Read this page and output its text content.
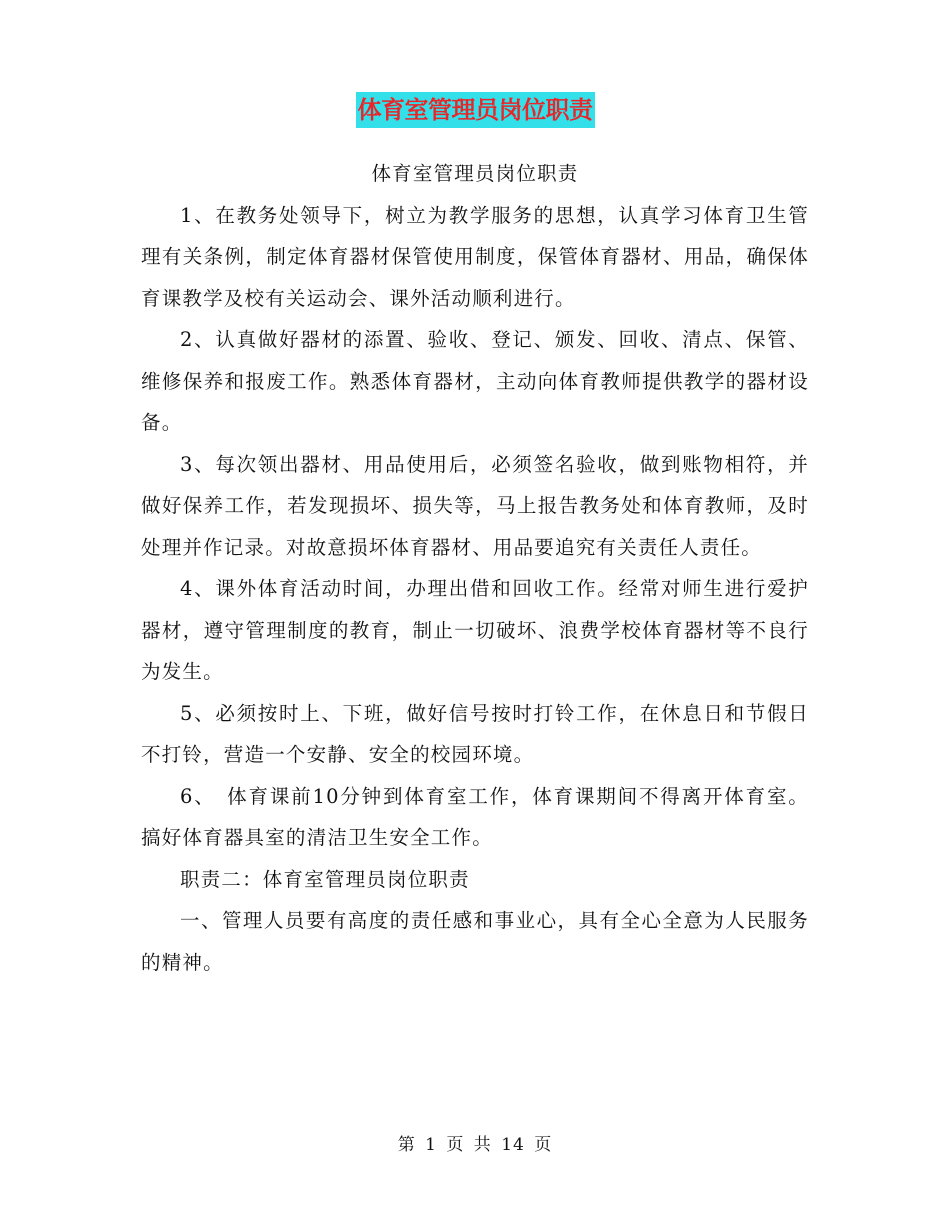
体育室管理员岗位职责

体育室管理员岗位职责

1、在教务处领导下，树立为教学服务的思想，认真学习体育卫生管理有关条例，制定体育器材保管使用制度，保管体育器材、用品，确保体育课教学及校有关运动会、课外活动顺利进行。

2、认真做好器材的添置、验收、登记、颁发、回收、清点、保管、维修保养和报废工作。熟悉体育器材，主动向体育教师提供教学的器材设备。

3、每次领出器材、用品使用后，必须签名验收，做到账物相符，并做好保养工作，若发现损坏、损失等，马上报告教务处和体育教师，及时处理并作记录。对故意损坏体育器材、用品要追究有关责任人责任。

4、课外体育活动时间，办理出借和回收工作。经常对师生进行爱护器材，遵守管理制度的教育，制止一切破坏、浪费学校体育器材等不良行为发生。

5、必须按时上、下班，做好信号按时打铃工作，在休息日和节假日不打铃，营造一个安静、安全的校园环境。

6、　体育课前10分钟到体育室工作，体育课期间不得离开体育室。搞好体育器具室的清洁卫生安全工作。

职责二：体育室管理员岗位职责

一、管理人员要有高度的责任感和事业心，具有全心全意为人民服务的精神。

第 1 页 共 14 页
